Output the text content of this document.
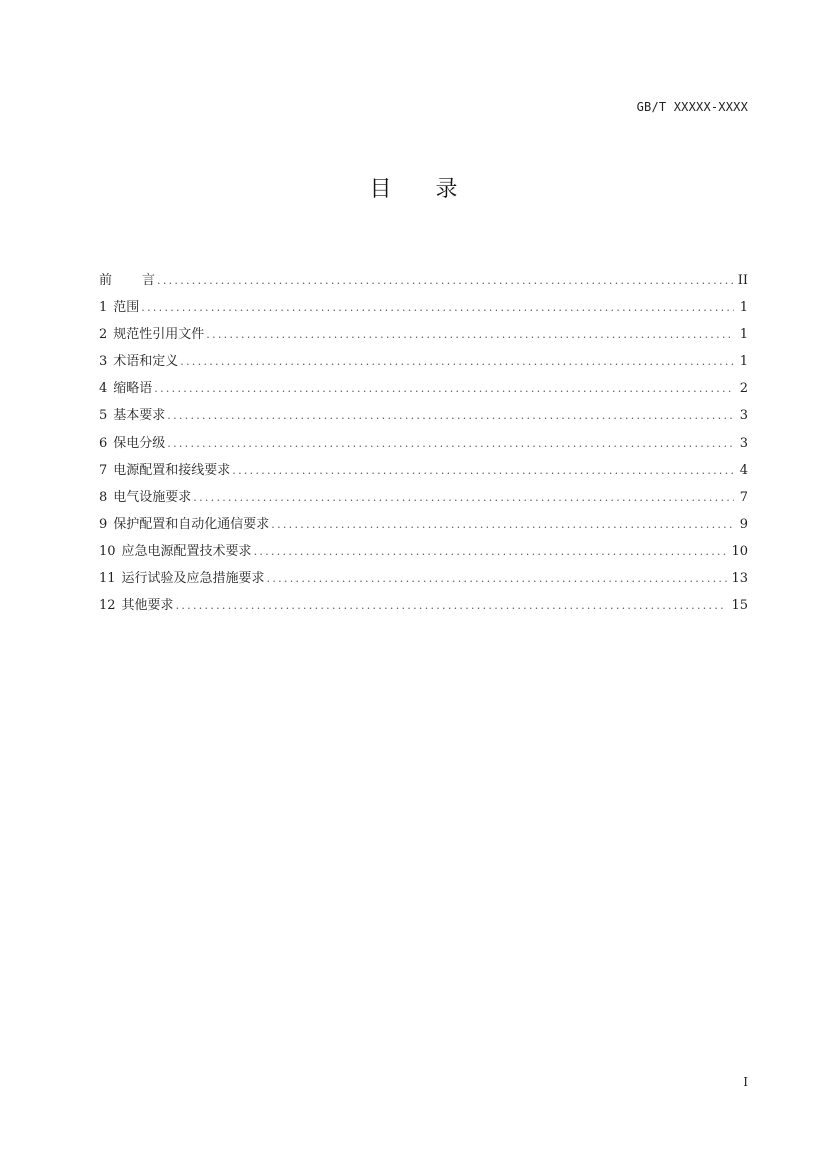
GB/T XXXXX-XXXX
目 录
前 言 . . .	II
1 范围 . . .	1
2 规范性引用文件 . . .	1
3 术语和定义 . . .	1
4 缩略语 . . .	2
5 基本要求 . . .	3
6 保电分级 . . .	3
7 电源配置和接线要求 . . .	4
8 电气设施要求 . . .	7
9 保护配置和自动化通信要求 . . .	9
10 应急电源配置技术要求 . . .	10
11 运行试验及应急措施要求 . . .	13
12 其他要求 . . .	15
I
